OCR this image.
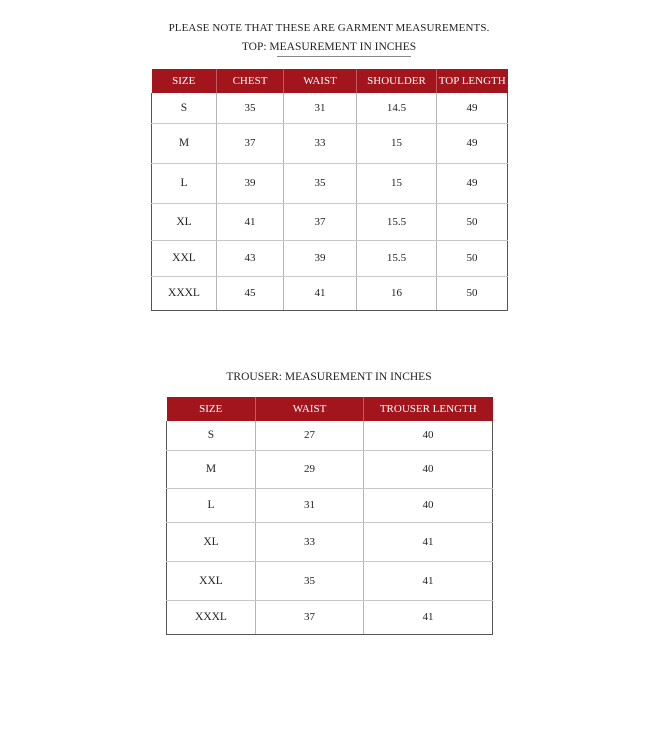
PLEASE NOTE THAT THESE ARE GARMENT MEASUREMENTS.
TOP: MEASUREMENT IN INCHES
SIZE	CHEST	WAIST	SHOULDER	TOP LENGTH
S	35	31	14.5	49
M	37	33	15	49
L	39	35	15	49
XL	41	37	15.5	50
XXL	43	39	15.5	50
XXXL	45	41	16	50
TROUSER: MEASUREMENT IN INCHES
SIZE	WAIST	TROUSER LENGTH
S	27	40
M	29	40
L	31	40
XL	33	41
XXL	35	41
XXXL	37	41
